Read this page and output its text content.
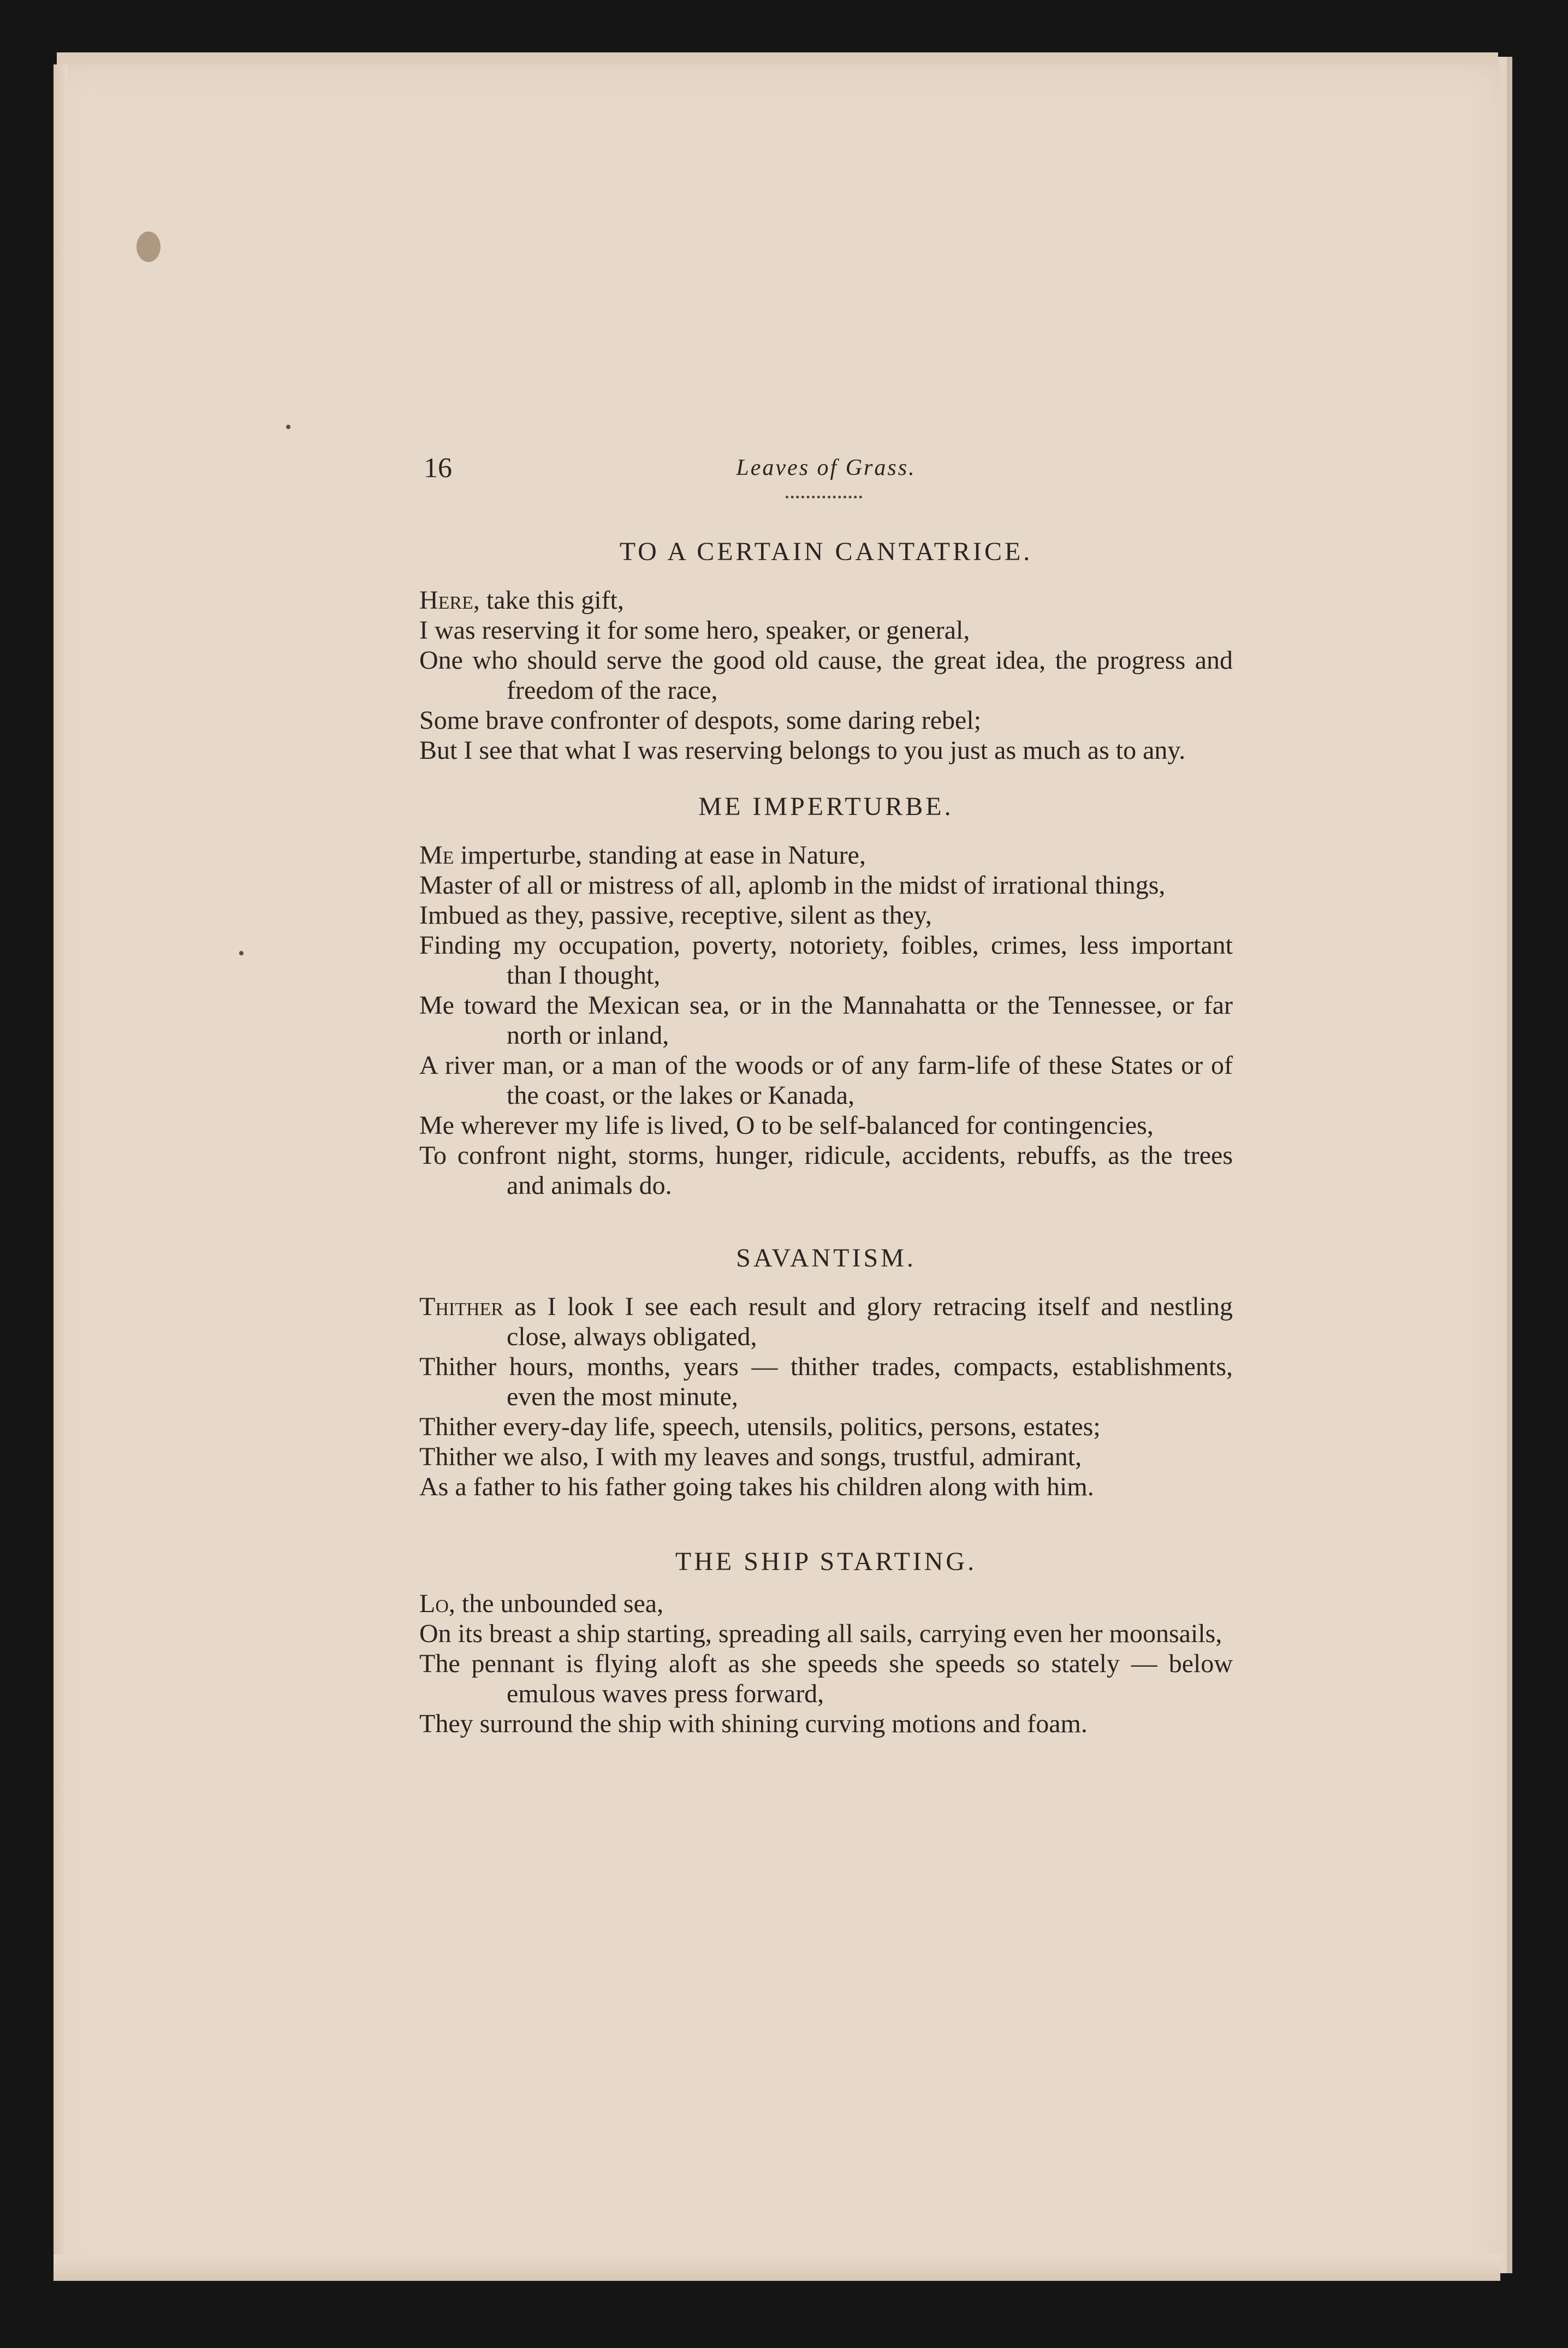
16	Leaves of Grass.
TO A CERTAIN CANTATRICE.

Here, take this gift,

I was reserving it for some hero, speaker, or general,

One who should serve the good old cause, the great idea, the progress and freedom of the race,

Some brave confronter of despots, some daring rebel;

But I see that what I was reserving belongs to you just as much as to any.

ME IMPERTURBE.

Me imperturbe, standing at ease in Nature,

Master of all or mistress of all, aplomb in the midst of irrational things,

Imbued as they, passive, receptive, silent as they,

Finding my occupation, poverty, notoriety, foibles, crimes, less important than I thought,

Me toward the Mexican sea, or in the Mannahatta or the Tennessee, or far north or inland,

A river man, or a man of the woods or of any farm-life of these States or of the coast, or the lakes or Kanada,

Me wherever my life is lived, O to be self-balanced for contingencies,

To confront night, storms, hunger, ridicule, accidents, rebuffs, as the trees and animals do.

SAVANTISM.

Thither as I look I see each result and glory retracing itself and nestling close, always obligated,

Thither hours, months, years — thither trades, compacts, establishments, even the most minute,

Thither every-day life, speech, utensils, politics, persons, estates;

Thither we also, I with my leaves and songs, trustful, admirant,

As a father to his father going takes his children along with him.

THE SHIP STARTING.

Lo, the unbounded sea,

On its breast a ship starting, spreading all sails, carrying even her moonsails,

The pennant is flying aloft as she speeds she speeds so stately — below emulous waves press forward,

They surround the ship with shining curving motions and foam.
